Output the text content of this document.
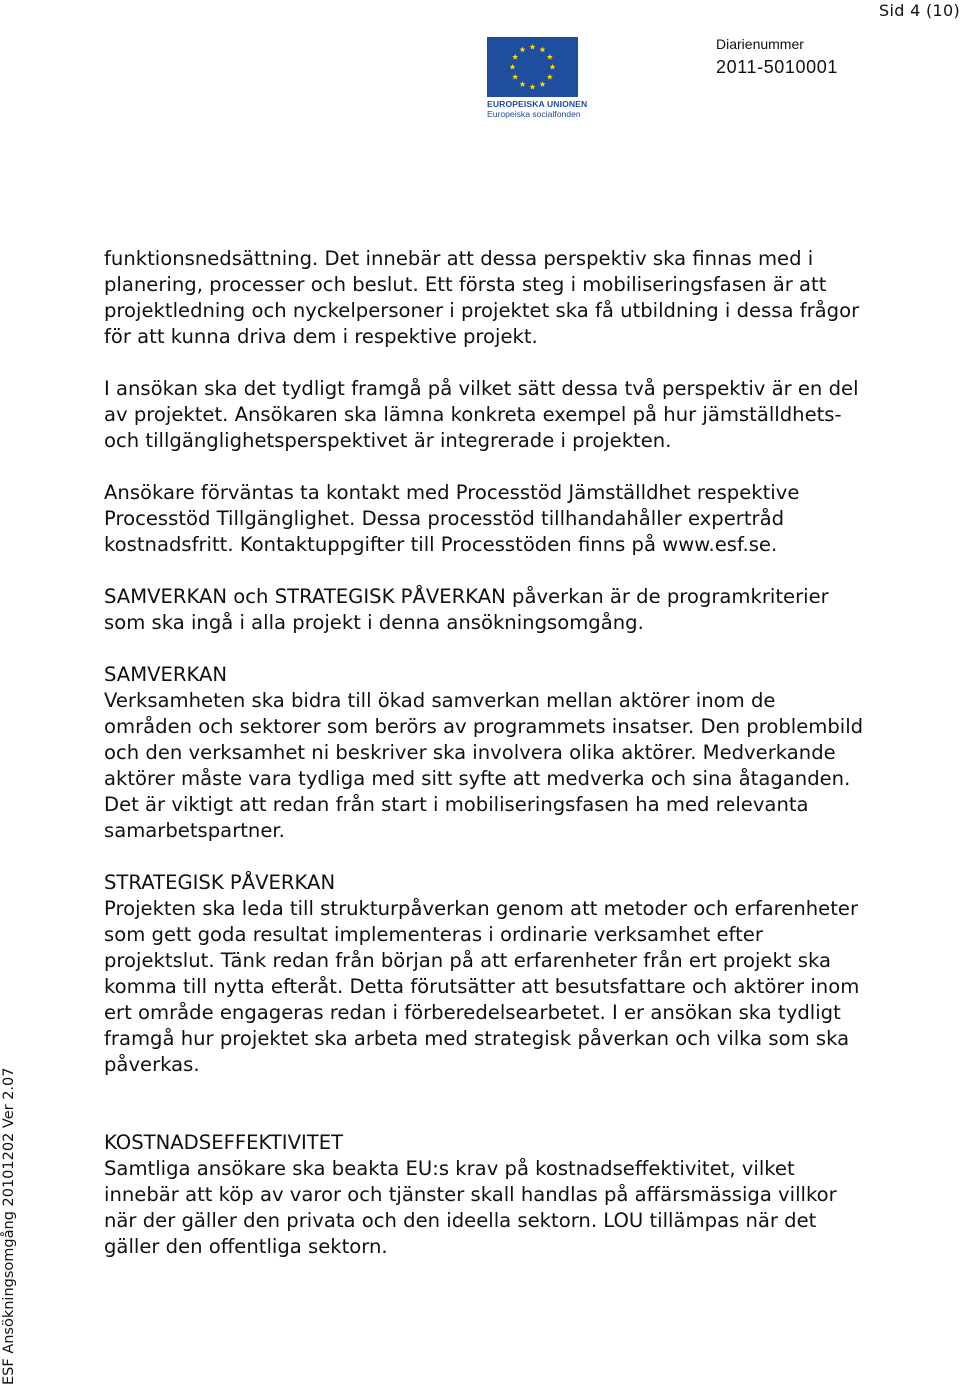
Sid 4 (10)
EUROPEISKA UNIONEN
Europeiska socialfonden
Diarienummer
2011-5010001

funktionsnedsättning. Det innebär att dessa perspektiv ska finnas med i
planering, processer och beslut. Ett första steg i mobiliseringsfasen är att
projektledning och nyckelpersoner i projektet ska få utbildning i dessa frågor
för att kunna driva dem i respektive projekt.

I ansökan ska det tydligt framgå på vilket sätt dessa två perspektiv är en del
av projektet. Ansökaren ska lämna konkreta exempel på hur jämställdhets-
och tillgänglighetsperspektivet är integrerade i projekten.

Ansökare förväntas ta kontakt med Processtöd Jämställdhet respektive
Processtöd Tillgänglighet. Dessa processtöd tillhandahåller expertråd
kostnadsfritt. Kontaktuppgifter till Processtöden finns på www.esf.se.

SAMVERKAN och STRATEGISK PÅVERKAN påverkan är de programkriterier
som ska ingå i alla projekt i denna ansökningsomgång.

SAMVERKAN
Verksamheten ska bidra till ökad samverkan mellan aktörer inom de
områden och sektorer som berörs av programmets insatser. Den problembild
och den verksamhet ni beskriver ska involvera olika aktörer. Medverkande
aktörer måste vara tydliga med sitt syfte att medverka och sina åtaganden.
Det är viktigt att redan från start i mobiliseringsfasen ha med relevanta
samarbetspartner.

STRATEGISK PÅVERKAN
Projekten ska leda till strukturpåverkan genom att metoder och erfarenheter
som gett goda resultat implementeras i ordinarie verksamhet efter
projektslut. Tänk redan från början på att erfarenheter från ert projekt ska
komma till nytta efteråt. Detta förutsätter att besutsfattare och aktörer inom
ert område engageras redan i förberedelsearbetet. I er ansökan ska tydligt
framgå hur projektet ska arbeta med strategisk påverkan och vilka som ska
påverkas.

KOSTNADSEFFEKTIVITET
Samtliga ansökare ska beakta EU:s krav på kostnadseffektivitet, vilket
innebär att köp av varor och tjänster skall handlas på affärsmässiga villkor
när der gäller den privata och den ideella sektorn. LOU tillämpas när det
gäller den offentliga sektorn.

ESF Ansökningsomgång 20101202 Ver 2.07
